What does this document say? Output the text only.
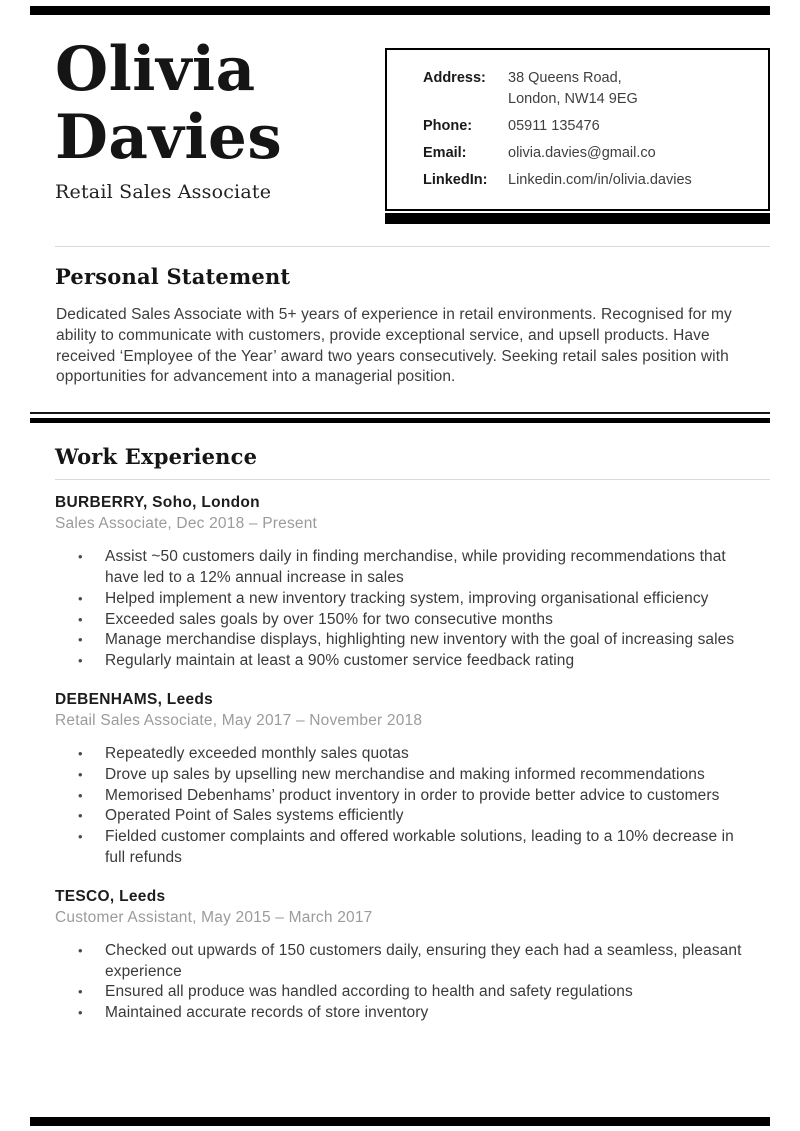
Olivia
Davies
Retail Sales Associate
Address:	38 Queens Road,
London, NW14 9EG
Phone:	05911 135476
Email:	olivia.davies@gmail.co
LinkedIn:	Linkedin.com/in/olivia.davies
Personal Statement

Dedicated Sales Associate with 5+ years of experience in retail environments. Recognised for my ability to communicate with customers, provide exceptional service, and upsell products. Have received ‘Employee of the Year’ award two years consecutively. Seeking retail sales position with opportunities for advancement into a managerial position.

Work Experience
BURBERRY, Soho, London
Sales Associate, Dec 2018 – Present
• Assist ~50 customers daily in finding merchandise, while providing recommendations that have led to a 12% annual increase in sales
• Helped implement a new inventory tracking system, improving organisational efficiency
• Exceeded sales goals by over 150% for two consecutive months
• Manage merchandise displays, highlighting new inventory with the goal of increasing sales
• Regularly maintain at least a 90% customer service feedback rating
DEBENHAMS, Leeds
Retail Sales Associate, May 2017 – November 2018
• Repeatedly exceeded monthly sales quotas
• Drove up sales by upselling new merchandise and making informed recommendations
• Memorised Debenhams’ product inventory in order to provide better advice to customers
• Operated Point of Sales systems efficiently
• Fielded customer complaints and offered workable solutions, leading to a 10% decrease in full refunds
TESCO, Leeds
Customer Assistant, May 2015 – March 2017
• Checked out upwards of 150 customers daily, ensuring they each had a seamless, pleasant experience
• Ensured all produce was handled according to health and safety regulations
• Maintained accurate records of store inventory
